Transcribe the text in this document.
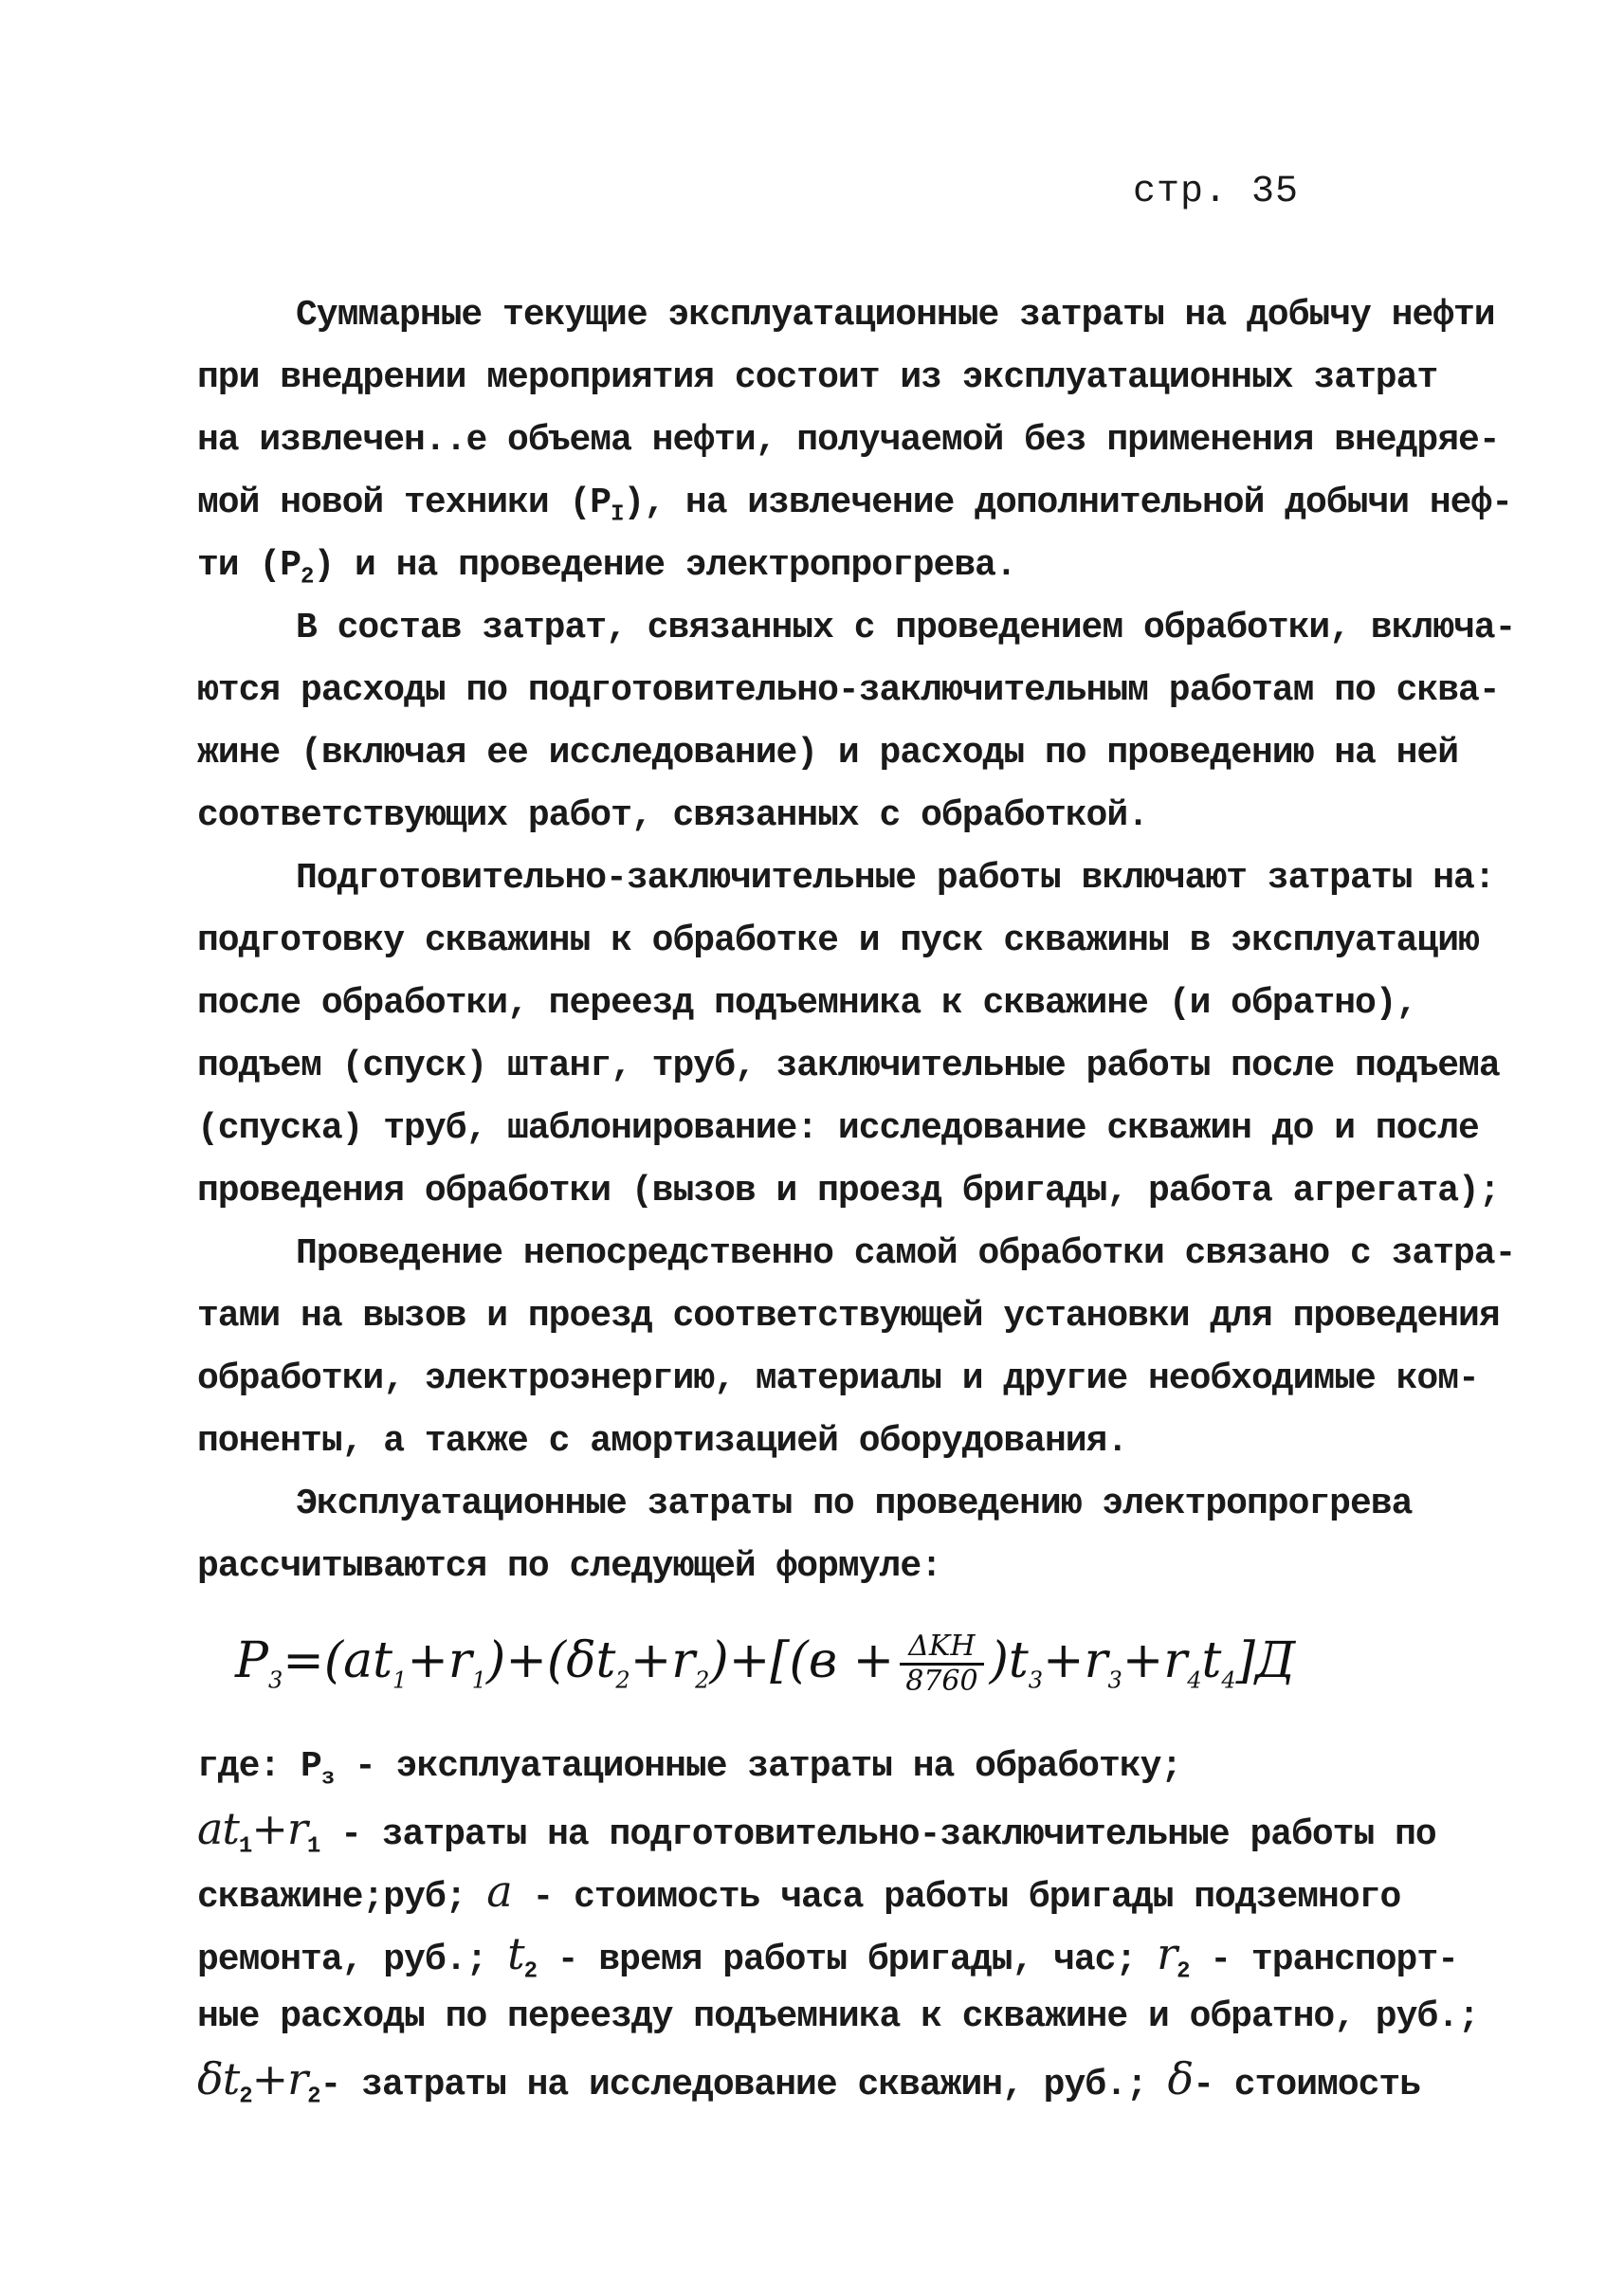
стр. 35
Суммарные текущие эксплуатационные затраты на добычу нефти
при внедрении мероприятия состоит из эксплуатационных затрат
на извлечен..е объема нефти, получаемой без применения внедряе-
мой новой техники $(Р_I)$, на извлечение дополнительной добычи неф-
ти $(Р_2)$ и на проведение электропрогрева.
В состав затрат, связанных с проведением обработки, включа-
ются расходы по подготовительно-заключительным работам по сква-
жине (включая ее исследование) и расходы по проведению на ней
соответствующих работ, связанных с обработкой.
Подготовительно-заключительные работы включают затраты на:
подготовку скважины к обработке и пуск скважины в эксплуатацию
после обработки, переезд подъемника к скважине (и обратно),
подъем (спуск) штанг, труб, заключительные работы после подъема
(спуска) труб, шаблонирование: исследование скважин до и после
проведения обработки (вызов и проезд бригады, работа агрегата);
Проведение непосредственно самой обработки связано с затра-
тами на вызов и проезд соответствующей установки для проведения
обработки, электроэнергию, материалы и другие необходимые ком-
поненты, а также с амортизацией оборудования.
Эксплуатационные затраты по проведению электропрогрева
рассчитываются по следующей формуле:
$P_3=(at_1+r_1)+(\delta t_2+r_2)+[(в + \frac{\text{ΔKH}}{8760} )t_3+r_3+r_4t_4]Д$
где: $Р_з$ - эксплуатационные затраты на обработку;
$at_1+r_1$ - затраты на подготовительно-заключительные работы по
скважине;руб; a - стоимость часа работы бригады подземного
ремонта, руб.; $t_2$ - время работы бригады, час; $r_2$ - транспорт-
ные расходы по переезду подъемника к скважине и обратно, руб.;
$\delta t_2+r_2-$ затраты на исследование скважин, руб.; δ- стоимость
